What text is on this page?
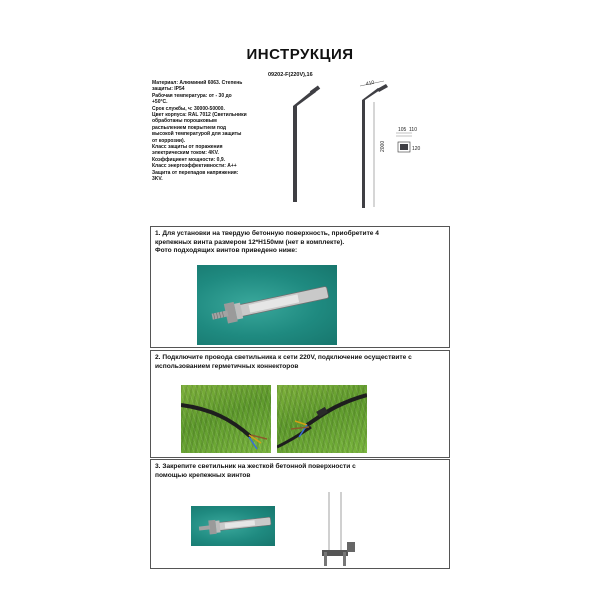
ИНСТРУКЦИЯ
09202-F(220V),16
Материал: Алюминий 6063. Степень
защиты: IP54
Рабочая температура: от - 30 до
+50°С.
Срок службы, ч: 30000-50000.
Цвет корпуса: RAL 7012 (Светильники
обработаны порошковым
распылением покрытием под
высокой температурой для защиты
от коррозии).
Класс защиты от поражения
электрическим током: 4KV.
Коэффициент мощности: 0,9.
Класс энергоэффективности: А++
Защита от перепадов напряжения:
3KV.
410
2000
105 110
120
1. Для установки на твердую бетонную поверхность, приобретите 4
крепежных винта размером 12*Н150мм (нет в комплекте).
Фото подходящих винтов приведено ниже:
2. Подключите провода светильника к сети 220V, подключение осуществите с
использованием герметичных коннекторов
3. Закрепите светильник на жесткой бетонной поверхности с
помощью крепежных винтов
